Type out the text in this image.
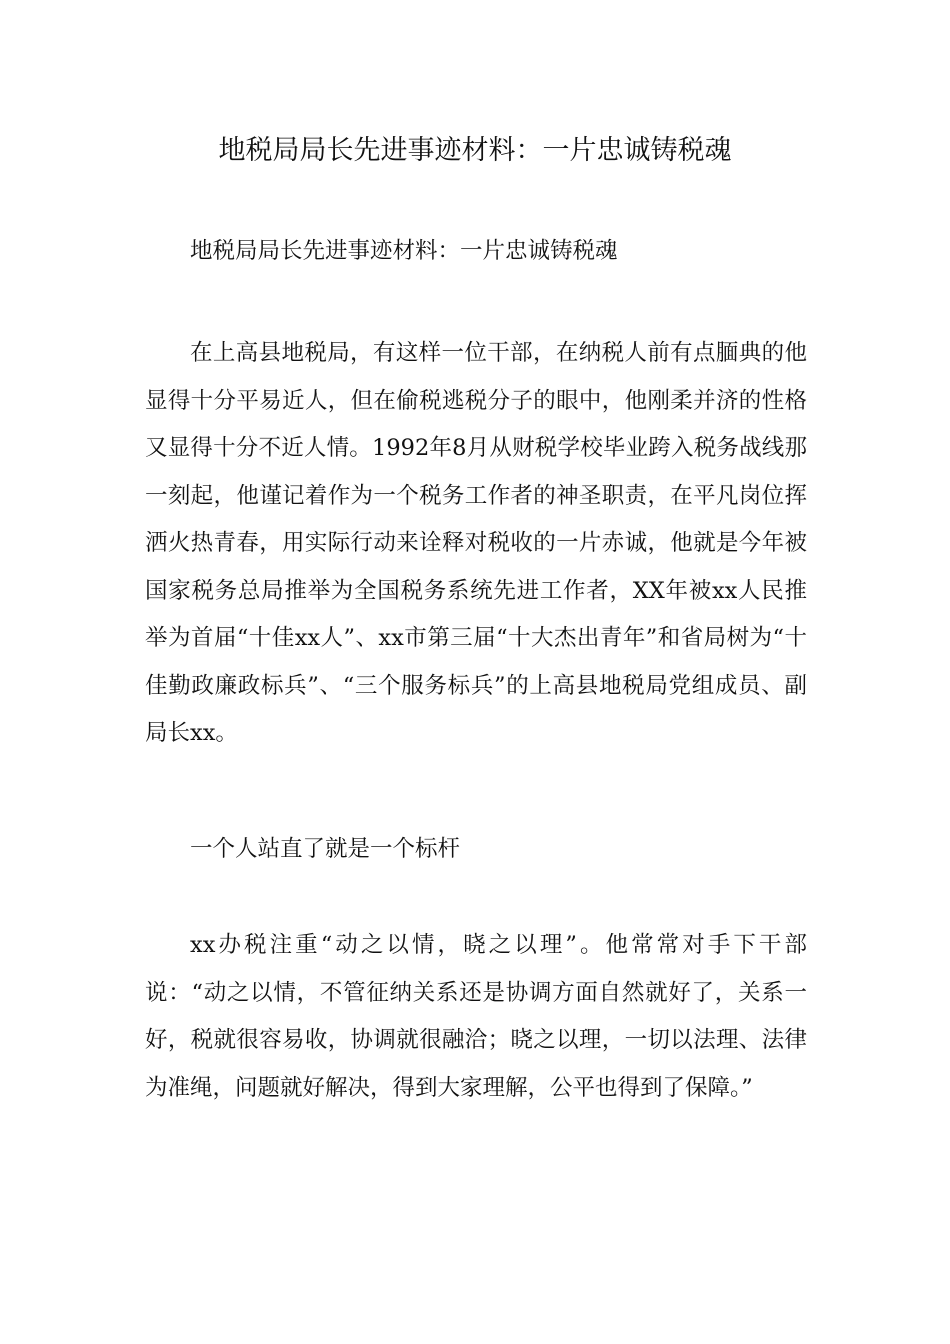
地税局局长先进事迹材料：一片忠诚铸税魂

地税局局长先进事迹材料：一片忠诚铸税魂

在上高县地税局，有这样一位干部，在纳税人前有点腼典的他显得十分平易近人，但在偷税逃税分子的眼中，他刚柔并济的性格又显得十分不近人情。1992年8月从财税学校毕业跨入税务战线那一刻起，他谨记着作为一个税务工作者的神圣职责，在平凡岗位挥洒火热青春，用实际行动来诠释对税收的一片赤诚，他就是今年被国家税务总局推举为全国税务系统先进工作者，XX年被xx人民推举为首届“十佳xx人”、xx市第三届“十大杰出青年”和省局树为“十佳勤政廉政标兵”、“三个服务标兵”的上高县地税局党组成员、副局长xx。

一个人站直了就是一个标杆

xx办税注重“动之以情，晓之以理”。他常常对手下干部说：“动之以情，不管征纳关系还是协调方面自然就好了，关系一好，税就很容易收，协调就很融洽；晓之以理，一切以法理、法律为准绳，问题就好解决，得到大家理解，公平也得到了保障。”
